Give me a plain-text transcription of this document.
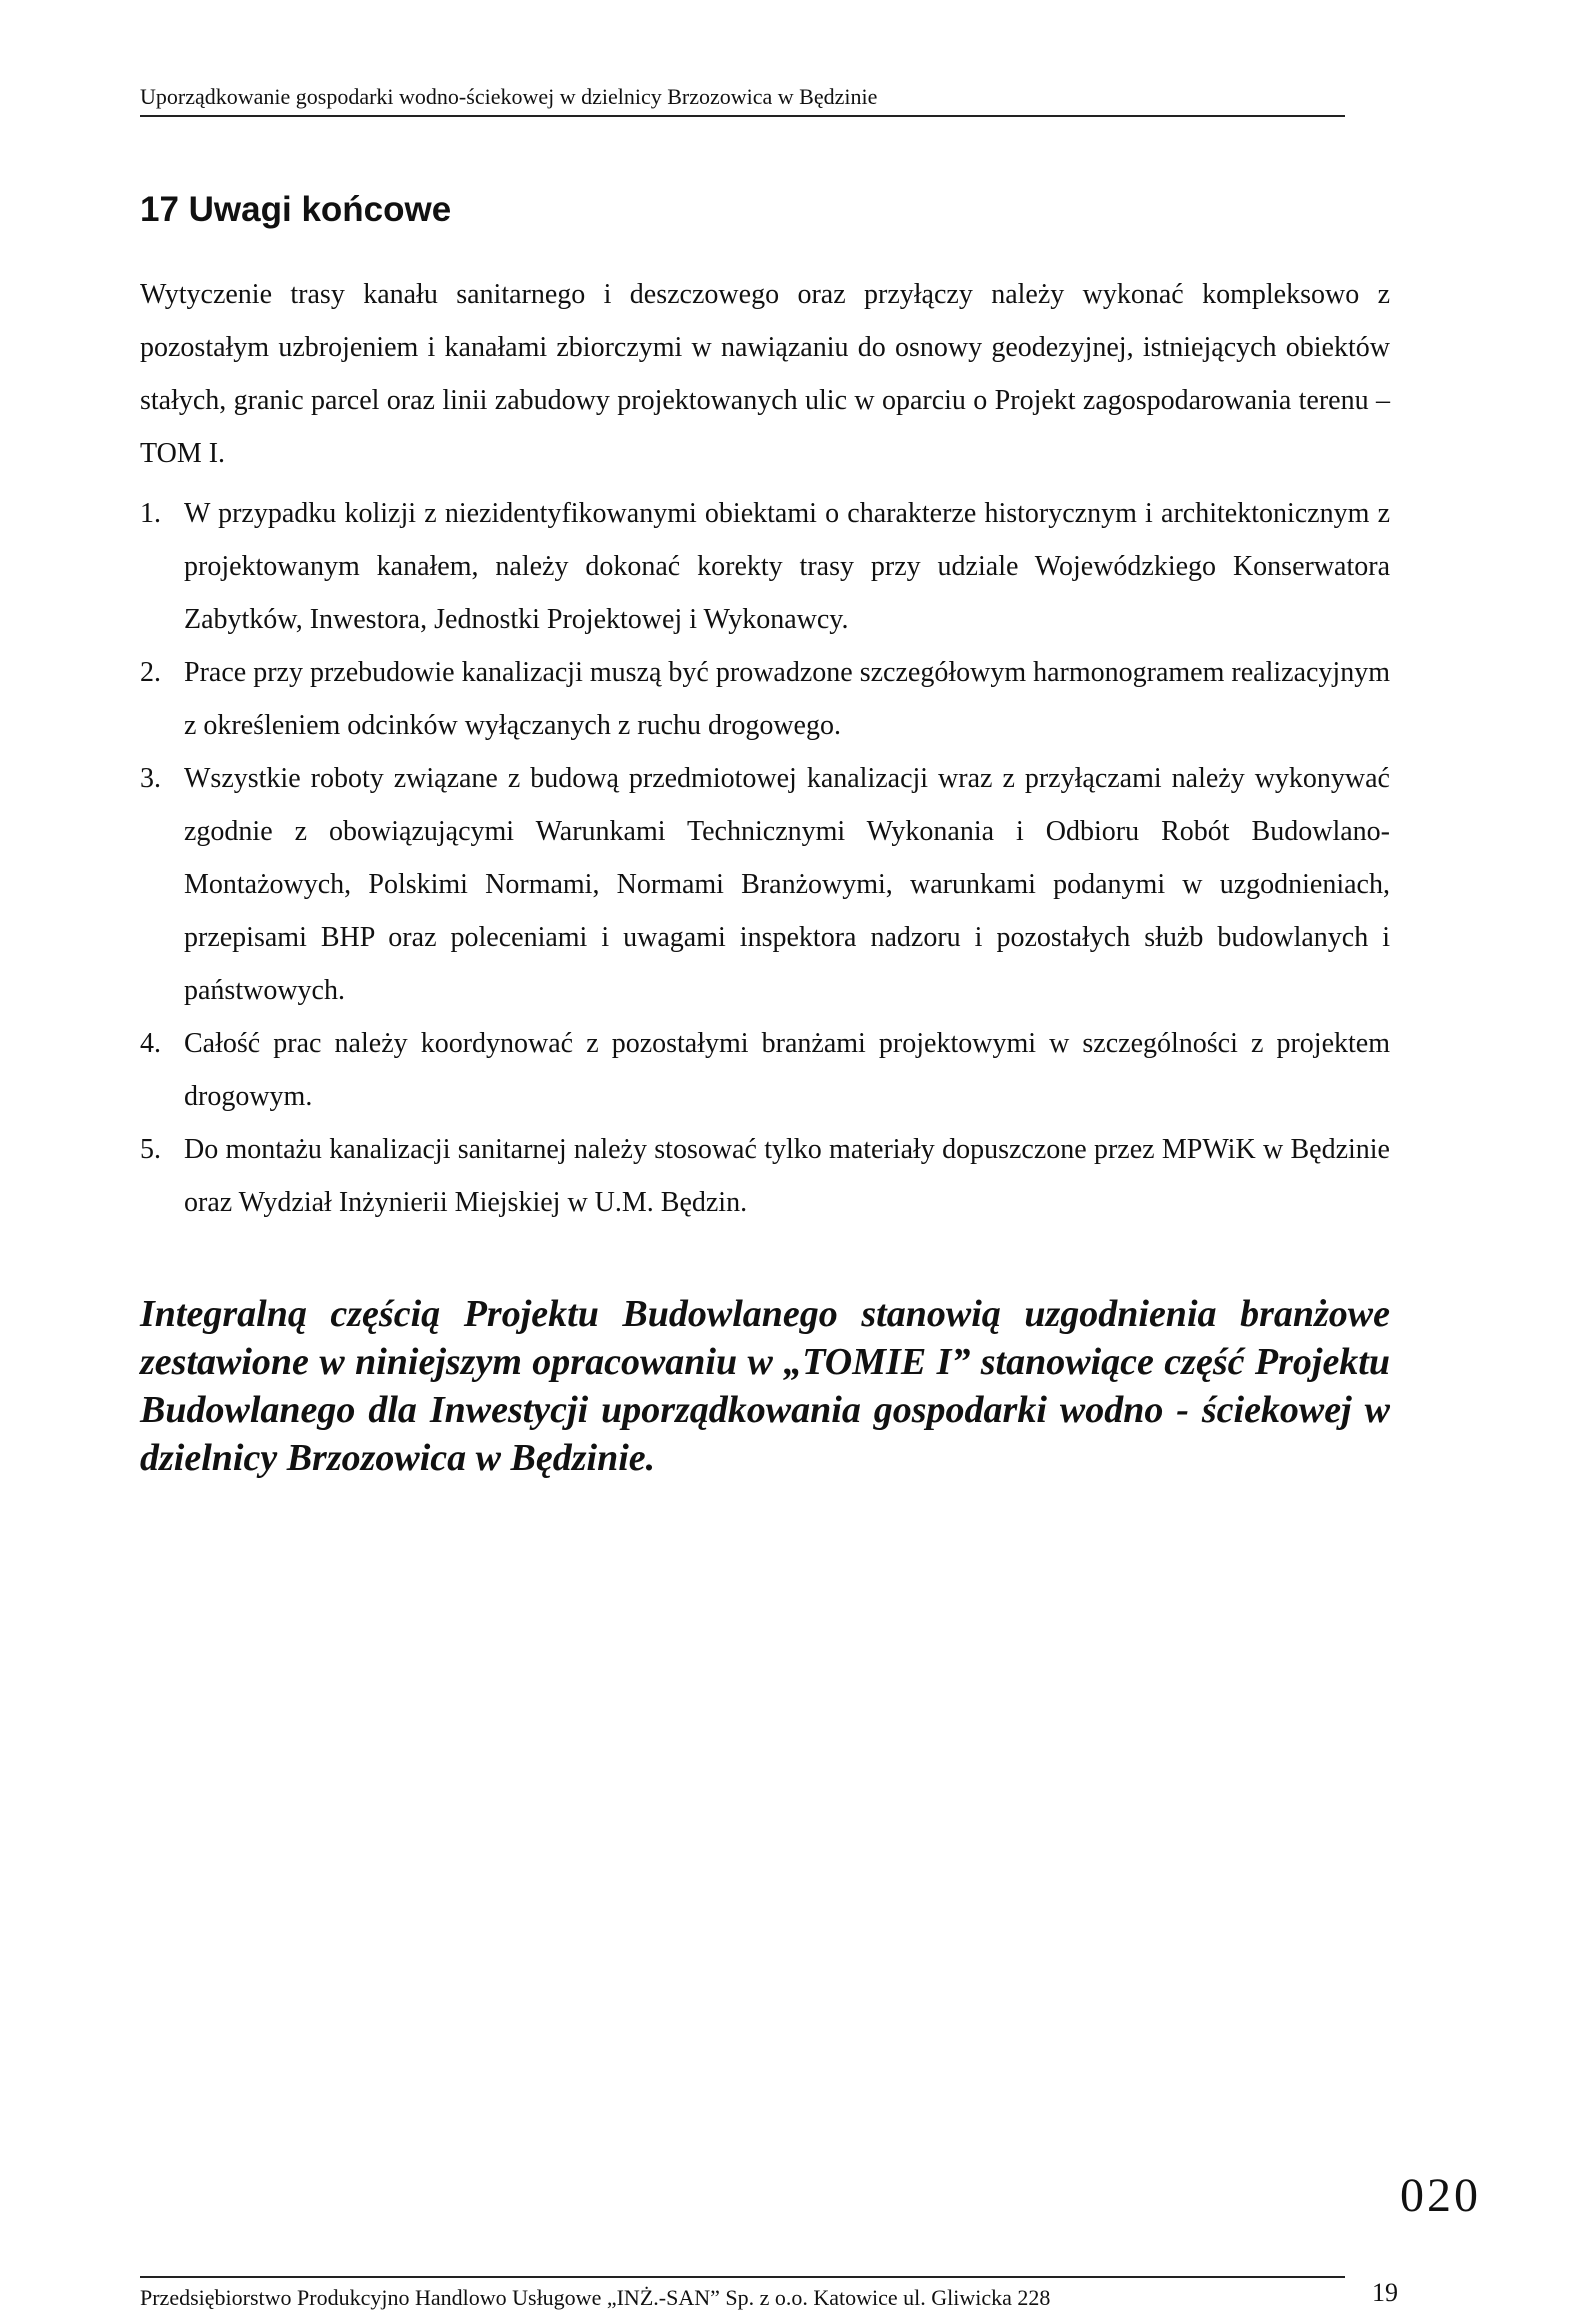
Uporządkowanie gospodarki wodno-ściekowej w dzielnicy Brzozowica w Będzinie
17 Uwagi końcowe

Wytyczenie trasy kanału sanitarnego i deszczowego oraz przyłączy należy wykonać kompleksowo z pozostałym uzbrojeniem i kanałami zbiorczymi w nawiązaniu do osnowy geodezyjnej, istniejących obiektów stałych, granic parcel oraz linii zabudowy projektowanych ulic w oparciu o Projekt zagospodarowania terenu – TOM I.

1. W przypadku kolizji z niezidentyfikowanymi obiektami o charakterze historycznym i architektonicznym z projektowanym kanałem, należy dokonać korekty trasy przy udziale Wojewódzkiego Konserwatora Zabytków, Inwestora, Jednostki Projektowej i Wykonawcy.
2. Prace przy przebudowie kanalizacji muszą być prowadzone szczegółowym harmonogramem realizacyjnym z określeniem odcinków wyłączanych z ruchu drogowego.
3. Wszystkie roboty związane z budową przedmiotowej kanalizacji wraz z przyłączami należy wykonywać zgodnie z obowiązującymi Warunkami Technicznymi Wykonania i Odbioru Robót Budowlano-Montażowych, Polskimi Normami, Normami Branżowymi, warunkami podanymi w uzgodnieniach, przepisami BHP oraz poleceniami i uwagami inspektora nadzoru i pozostałych służb budowlanych i państwowych.
4. Całość prac należy koordynować z pozostałymi branżami projektowymi w szczególności z projektem drogowym.
5. Do montażu kanalizacji sanitarnej należy stosować tylko materiały dopuszczone przez MPWiK w Będzinie oraz Wydział Inżynierii Miejskiej w U.M. Będzin.

Integralną częścią Projektu Budowlanego stanowią uzgodnienia branżowe zestawione w niniejszym opracowaniu w „TOMIE I” stanowiące część Projektu Budowlanego dla Inwestycji uporządkowania gospodarki wodno - ściekowej w dzielnicy Brzozowica w Będzinie.

020
Przedsiębiorstwo Produkcyjno Handlowo Usługowe „INŻ.-SAN” Sp. z o.o. Katowice ul. Gliwicka 228	19
